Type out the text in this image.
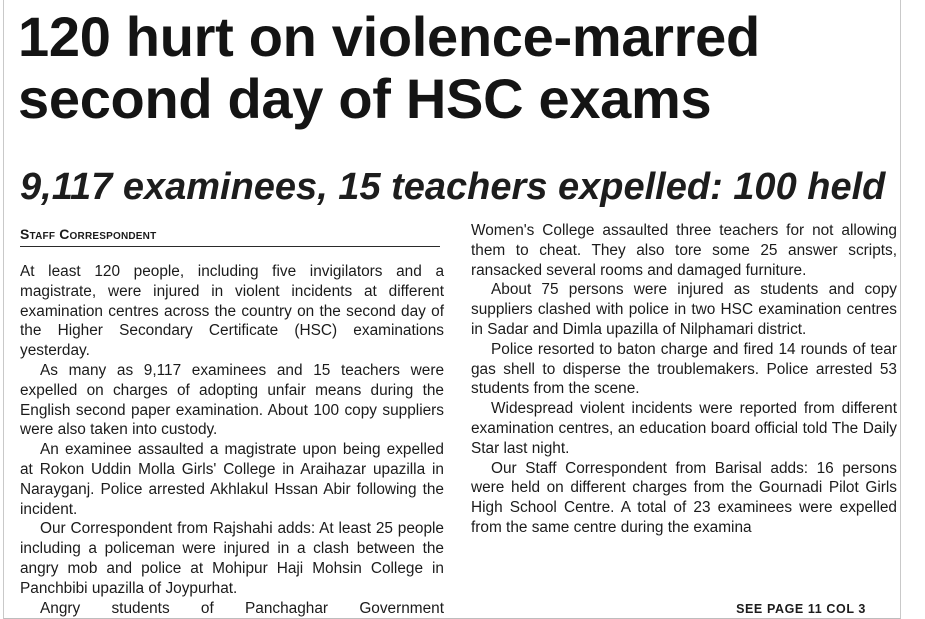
120 hurt on violence-marred
second day of HSC exams
9,117 examinees, 15 teachers expelled: 100 held
Staff Correspondent

At least 120 people, including five invigilators and a magistrate, were injured in violent incidents at different examination centres across the country on the second day of the Higher Secondary Certificate (HSC) examinations yesterday.

As many as 9,117 examinees and 15 teachers were expelled on charges of adopting unfair means during the English second paper examination. About 100 copy suppliers were also taken into custody.

An examinee assaulted a magistrate upon being expelled at Rokon Uddin Molla Girls' College in Araihazar upazilla in Narayganj. Police arrested Akhlakul Hssan Abir following the incident.

Our Correspondent from Rajshahi adds: At least 25 people including a policeman were injured in a clash between the angry mob and police at Mohipur Haji Mohsin College in Panchbibi upazilla of Joypurhat.

Angry students of Panchaghar Government

Women's College assaulted three teachers for not allowing them to cheat. They also tore some 25 answer scripts, ransacked several rooms and damaged furniture.

About 75 persons were injured as students and copy suppliers clashed with police in two HSC examination centres in Sadar and Dimla upazilla of Nilphamari district.

Police resorted to baton charge and fired 14 rounds of tear gas shell to disperse the troublemakers. Police arrested 53 students from the scene.

Widespread violent incidents were reported from different examination centres, an education board official told The Daily Star last night.

Our Staff Correspondent from Barisal adds: 16 persons were held on different charges from the Gournadi Pilot Girls High School Centre. A total of 23 examinees were expelled from the same centre during the examina

SEE PAGE 11 COL 3
